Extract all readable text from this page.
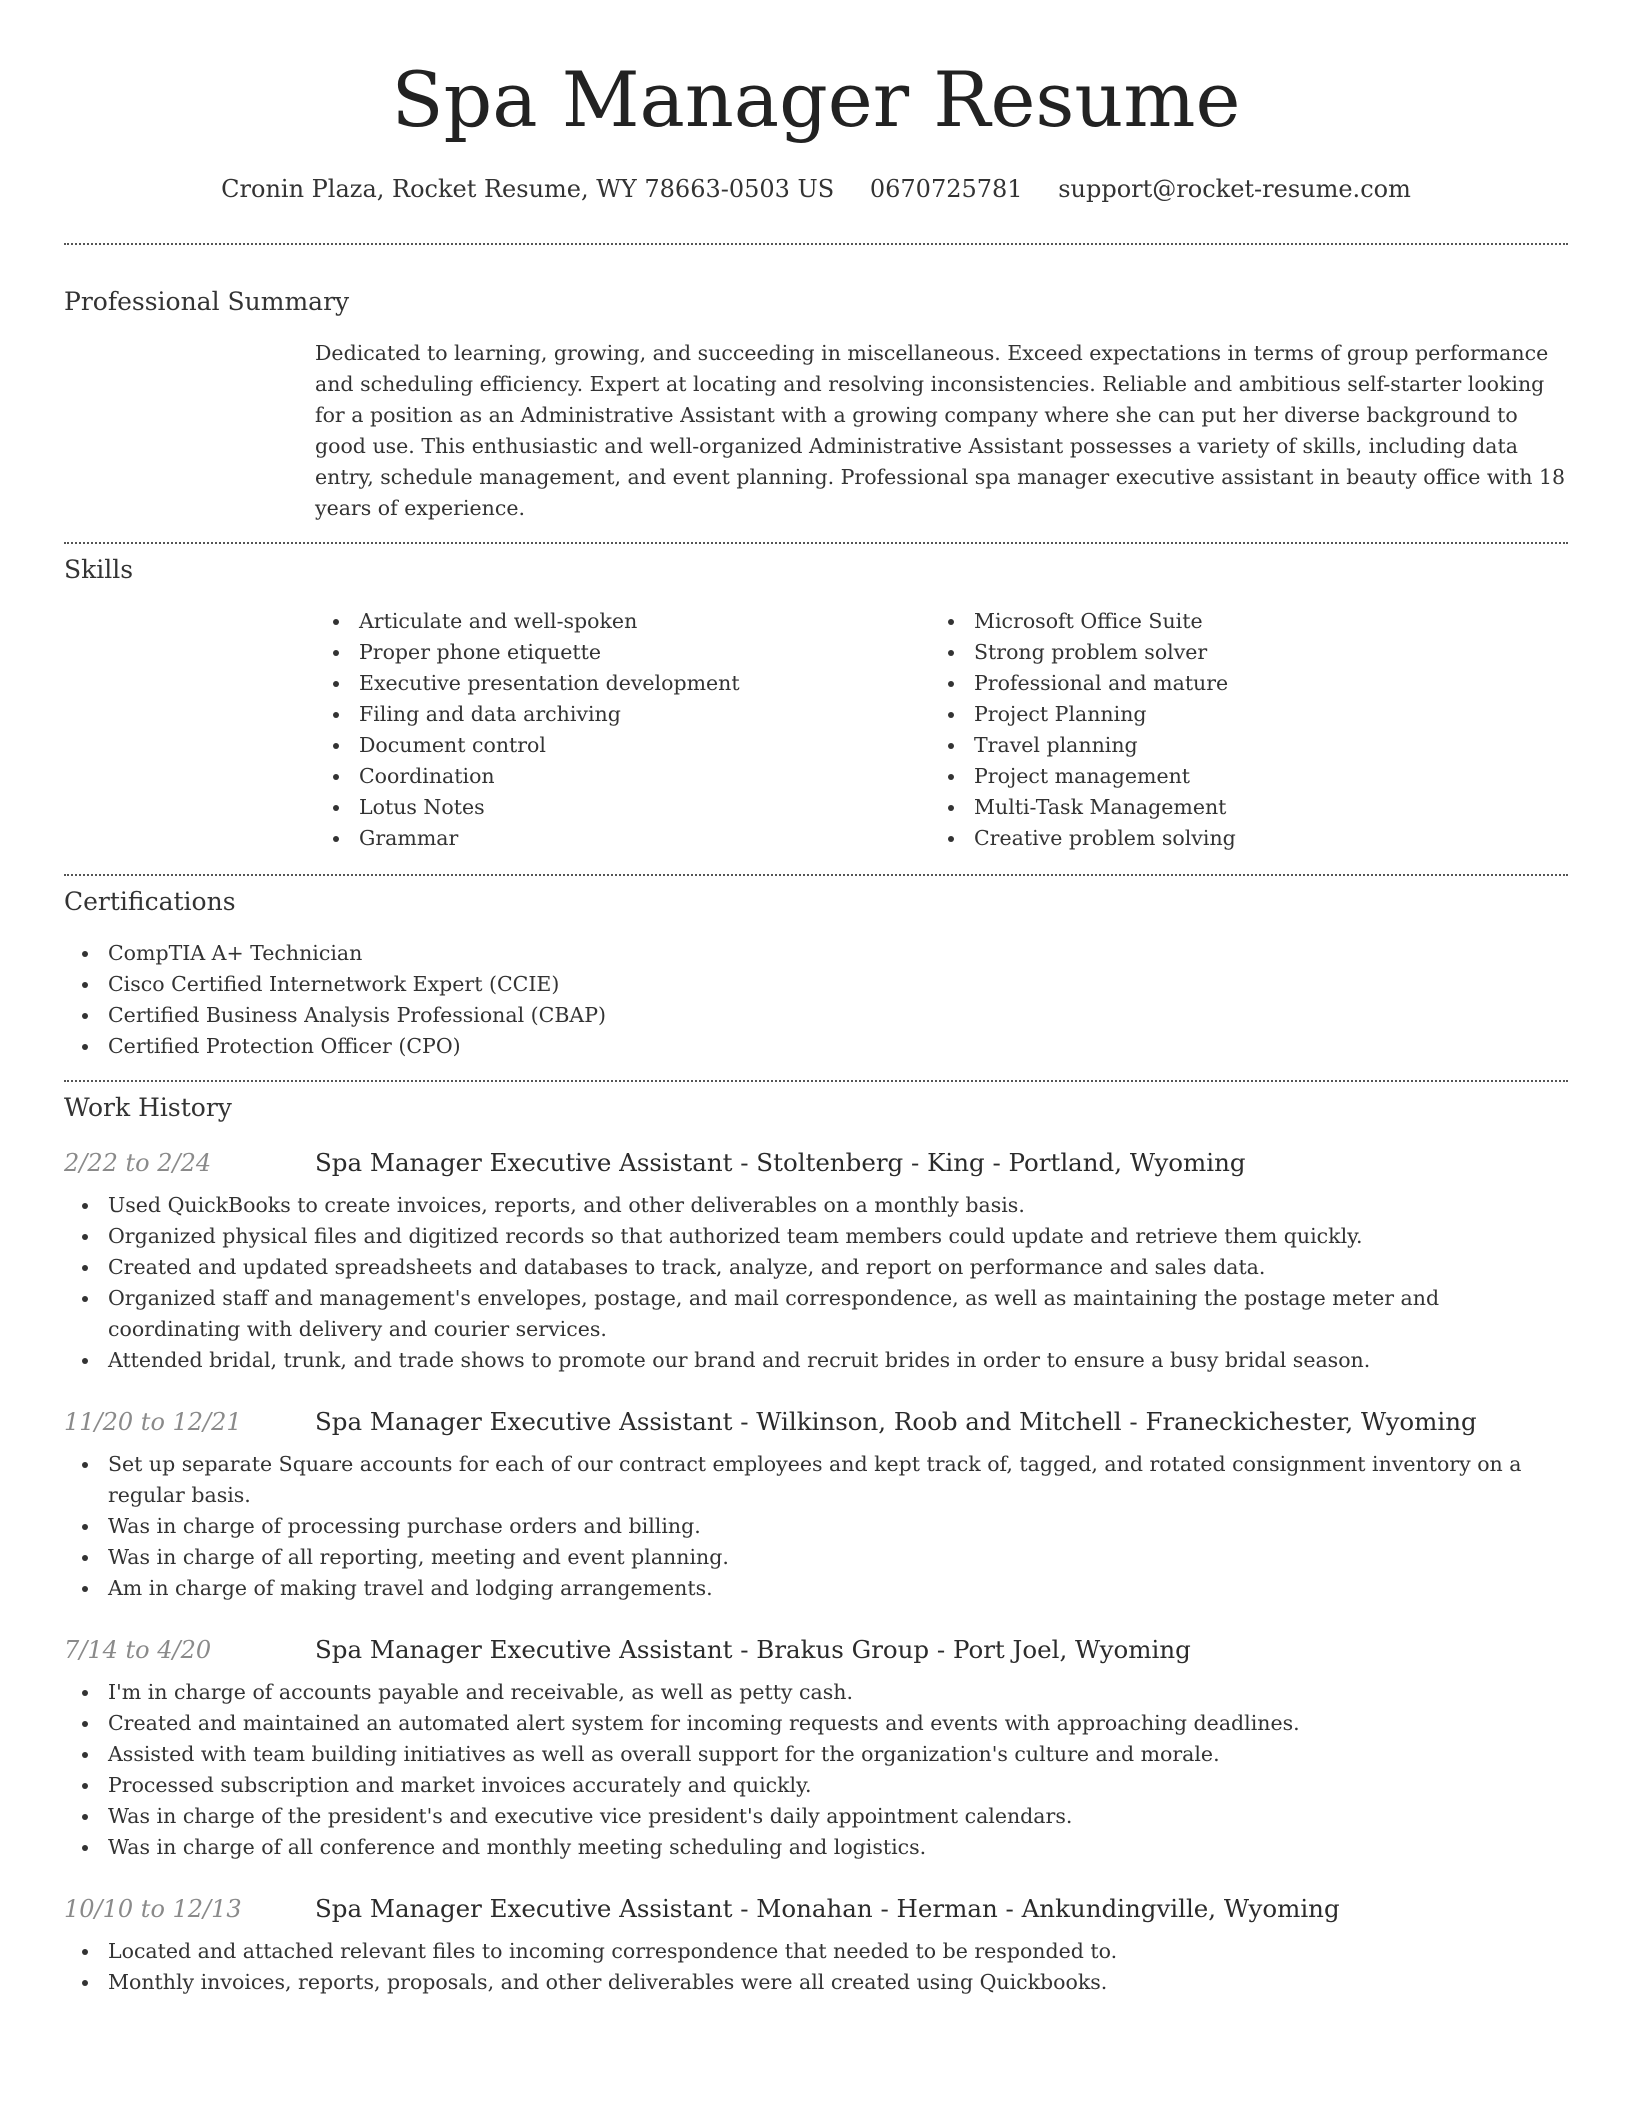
Spa Manager Resume
Cronin Plaza, Rocket Resume, WY 78663-0503 US 0670725781 support@rocket-resume.com
Professional Summary
Dedicated to learning, growing, and succeeding in miscellaneous. Exceed expectations in terms of group performance and scheduling efficiency. Expert at locating and resolving inconsistencies. Reliable and ambitious self-starter looking for a position as an Administrative Assistant with a growing company where she can put her diverse background to good use. This enthusiastic and well-organized Administrative Assistant possesses a variety of skills, including data entry, schedule management, and event planning. Professional spa manager executive assistant in beauty office with 18 years of experience.
Skills
Articulate and well-spoken
Proper phone etiquette
Executive presentation development
Filing and data archiving
Document control
Coordination
Lotus Notes
Grammar
Microsoft Office Suite
Strong problem solver
Professional and mature
Project Planning
Travel planning
Project management
Multi-Task Management
Creative problem solving
Certifications
CompTIA A+ Technician
Cisco Certified Internetwork Expert (CCIE)
Certified Business Analysis Professional (CBAP)
Certified Protection Officer (CPO)
Work History
2/22 to 2/24	Spa Manager Executive Assistant - Stoltenberg - King - Portland, Wyoming
Used QuickBooks to create invoices, reports, and other deliverables on a monthly basis.
Organized physical files and digitized records so that authorized team members could update and retrieve them quickly.
Created and updated spreadsheets and databases to track, analyze, and report on performance and sales data.
Organized staff and management's envelopes, postage, and mail correspondence, as well as maintaining the postage meter and coordinating with delivery and courier services.
Attended bridal, trunk, and trade shows to promote our brand and recruit brides in order to ensure a busy bridal season.
11/20 to 12/21	Spa Manager Executive Assistant - Wilkinson, Roob and Mitchell - Franeckichester, Wyoming
Set up separate Square accounts for each of our contract employees and kept track of, tagged, and rotated consignment inventory on a regular basis.
Was in charge of processing purchase orders and billing.
Was in charge of all reporting, meeting and event planning.
Am in charge of making travel and lodging arrangements.
7/14 to 4/20	Spa Manager Executive Assistant - Brakus Group - Port Joel, Wyoming
I'm in charge of accounts payable and receivable, as well as petty cash.
Created and maintained an automated alert system for incoming requests and events with approaching deadlines.
Assisted with team building initiatives as well as overall support for the organization's culture and morale.
Processed subscription and market invoices accurately and quickly.
Was in charge of the president's and executive vice president's daily appointment calendars.
Was in charge of all conference and monthly meeting scheduling and logistics.
10/10 to 12/13	Spa Manager Executive Assistant - Monahan - Herman - Ankundingville, Wyoming
Located and attached relevant files to incoming correspondence that needed to be responded to.
Monthly invoices, reports, proposals, and other deliverables were all created using Quickbooks.
